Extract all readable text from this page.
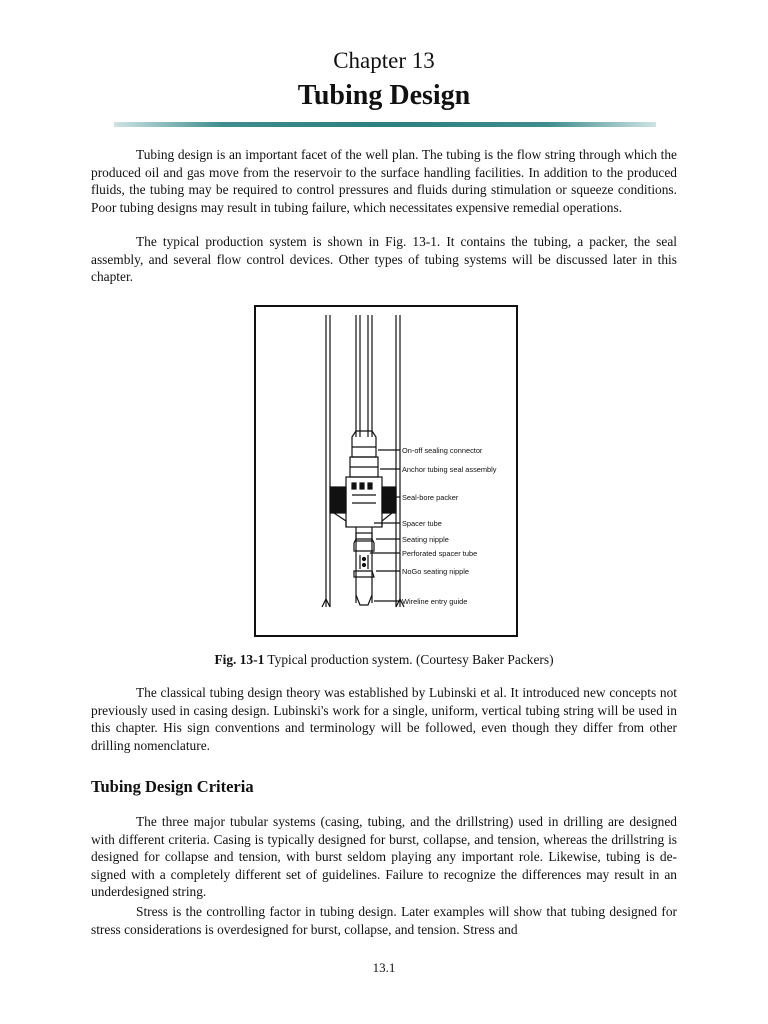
Chapter 13
Tubing Design

Tubing design is an important facet of the well plan. The tubing is the flow string through which the produced oil and gas move from the reservoir to the surface handling facilities. In addition to the produced fluids, the tubing may be required to control pressures and fluids during stimulation or squeeze conditions. Poor tubing designs may result in tubing failure, which necessitates expensive remedial operations.

The typical production system is shown in Fig. 13-1. It contains the tubing, a packer, the seal assembly, and several flow control devices. Other types of tubing systems will be discussed later in this chapter.

On-off sealing connector
Anchor tubing seal assembly
Seal-bore packer
Spacer tube
Seating nipple
Perforated spacer tube
NoGo seating nipple
Wireline entry guide
Fig. 13-1 Typical production system. (Courtesy Baker Packers)

The classical tubing design theory was established by Lubinski et al. It introduced new concepts not previously used in casing design. Lubinski's work for a single, uniform, vertical tubing string will be used in this chapter. His sign conventions and terminology will be followed, even though they differ from other drilling nomenclature.

Tubing Design Criteria

The three major tubular systems (casing, tubing, and the drillstring) used in drilling are designed with different criteria. Casing is typically designed for burst, collapse, and tension, whereas the drillstring is designed for collapse and tension, with burst seldom playing any important role. Likewise, tubing is de- signed with a completely different set of guidelines. Failure to recognize the differences may result in an underdesigned string.

Stress is the controlling factor in tubing design. Later examples will show that tubing designed for stress considerations is overdesigned for burst, collapse, and tension. Stress and

13.1
